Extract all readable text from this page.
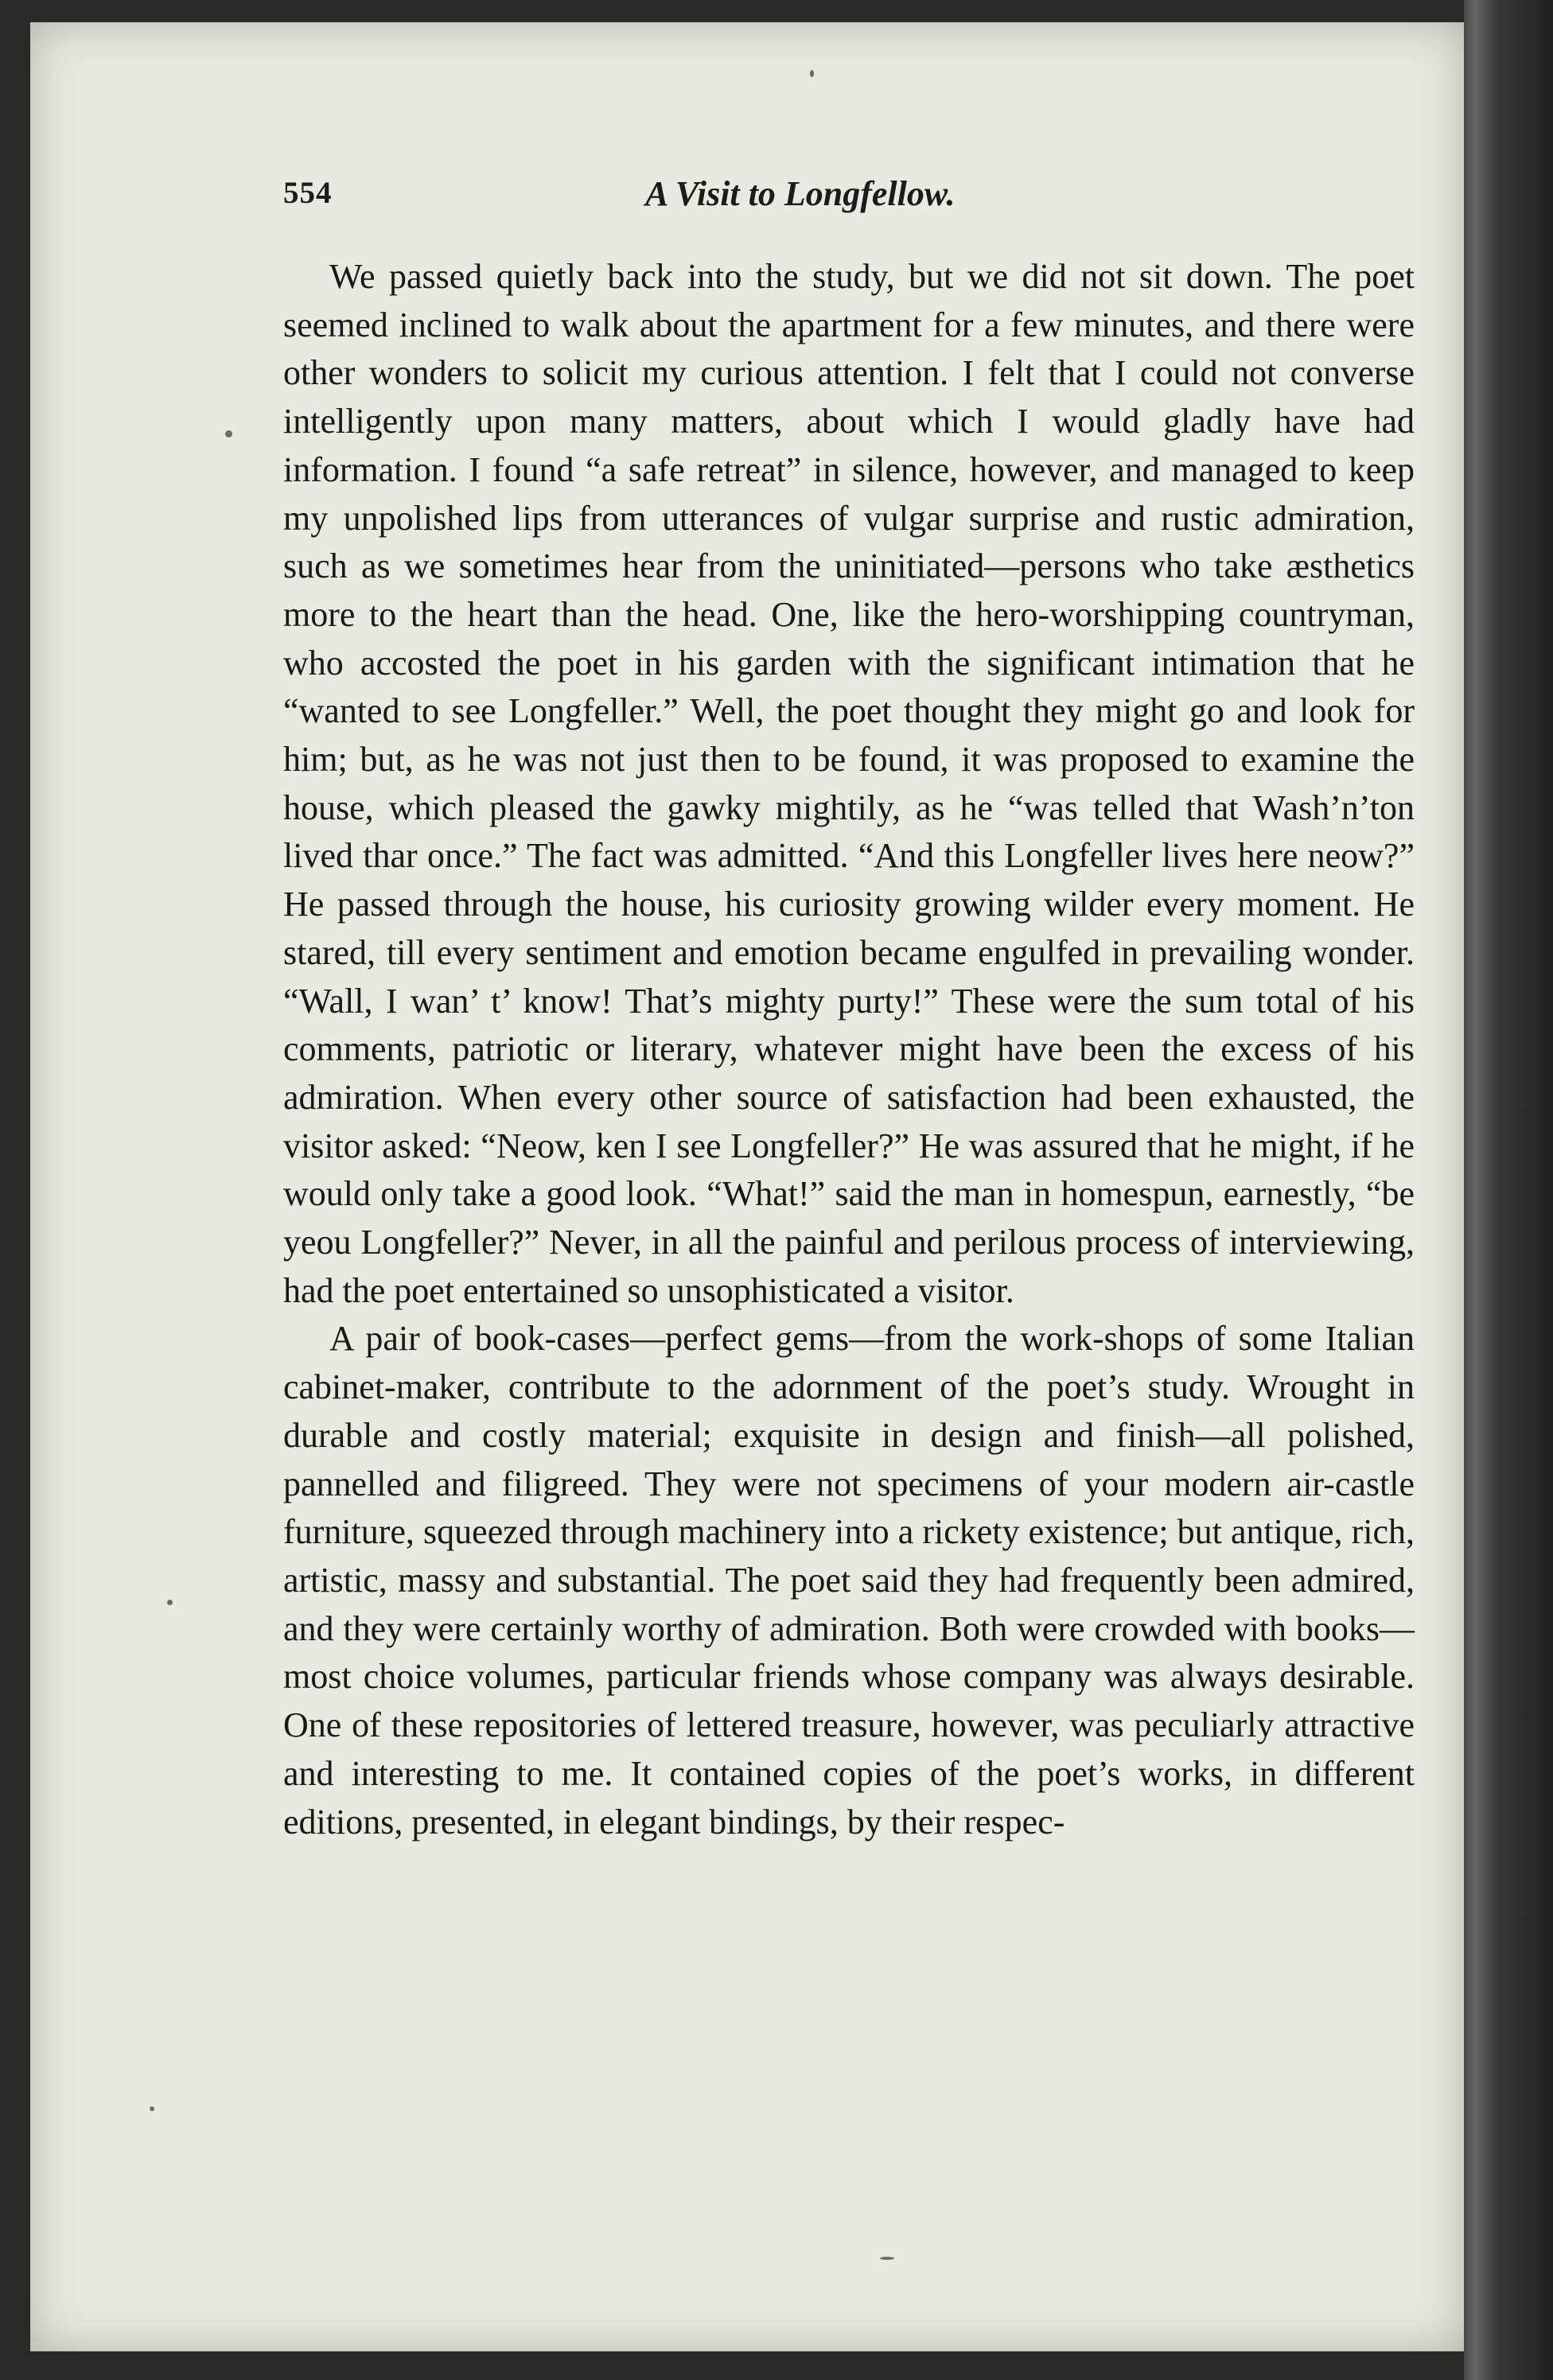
554	A Visit to Longfellow.

We passed quietly back into the study, but we did not sit down. The poet seemed inclined to walk about the apartment for a few minutes, and there were other wonders to solicit my curious attention. I felt that I could not converse intelligently upon many matters, about which I would gladly have had information. I found “a safe retreat” in silence, however, and managed to keep my unpolished lips from utterances of vulgar surprise and rustic admiration, such as we sometimes hear from the uninitiated—persons who take æsthetics more to the heart than the head. One, like the hero-worshipping countryman, who accosted the poet in his garden with the significant intimation that he “wanted to see Longfeller.” Well, the poet thought they might go and look for him; but, as he was not just then to be found, it was proposed to examine the house, which pleased the gawky mightily, as he “was telled that Wash’n’ton lived thar once.” The fact was admitted. “And this Longfeller lives here neow?” He passed through the house, his curiosity growing wilder every moment. He stared, till every sentiment and emotion became engulfed in prevailing wonder. “Wall, I wan’ t’ know! That’s mighty purty!” These were the sum total of his comments, patriotic or literary, whatever might have been the excess of his admiration. When every other source of satisfaction had been exhausted, the visitor asked: “Neow, ken I see Longfeller?” He was assured that he might, if he would only take a good look. “What!” said the man in homespun, earnestly, “be yeou Longfeller?” Never, in all the painful and perilous process of interviewing, had the poet entertained so unsophisticated a visitor.

A pair of book-cases—perfect gems—from the work-shops of some Italian cabinet-maker, contribute to the adornment of the poet’s study. Wrought in durable and costly material; exquisite in design and finish—all polished, pannelled and filigreed. They were not specimens of your modern air-castle furniture, squeezed through machinery into a rickety existence; but antique, rich, artistic, massy and substantial. The poet said they had frequently been admired, and they were certainly worthy of admiration. Both were crowded with books—most choice volumes, particular friends whose company was always desirable. One of these repositories of lettered treasure, however, was peculiarly attractive and interesting to me. It contained copies of the poet’s works, in different editions, presented, in elegant bindings, by their respec-
